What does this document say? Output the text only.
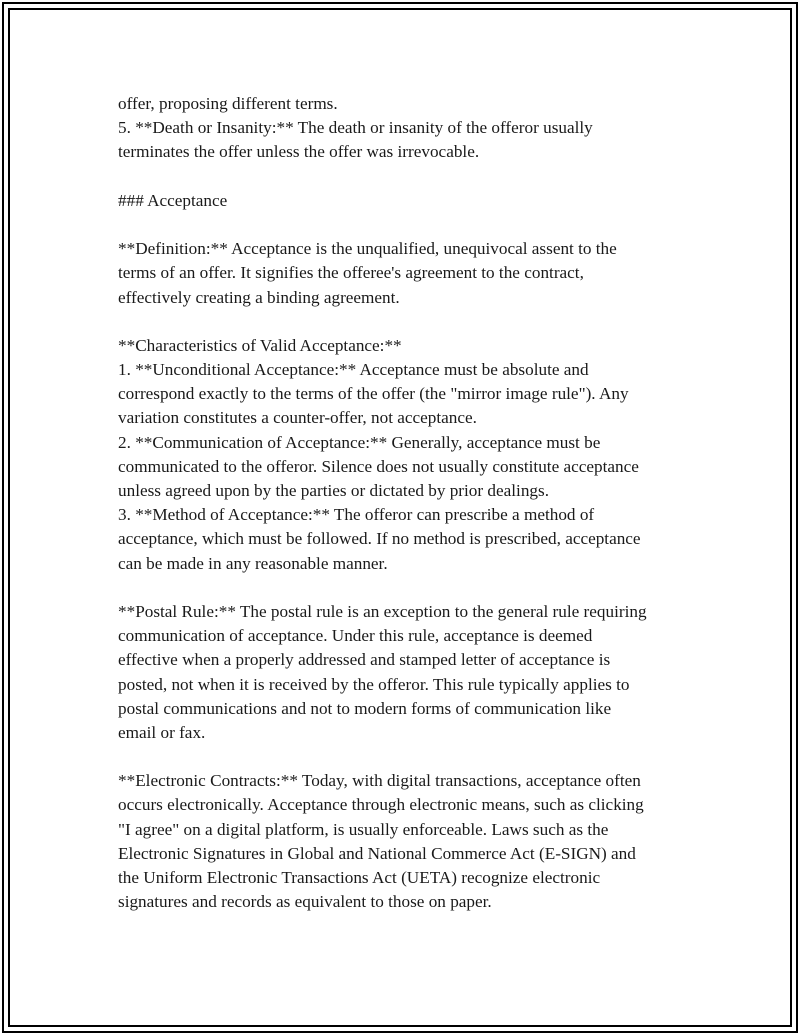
offer, proposing different terms.
5. **Death or Insanity:** The death or insanity of the offeror usually
terminates the offer unless the offer was irrevocable.
### Acceptance
**Definition:** Acceptance is the unqualified, unequivocal assent to the
terms of an offer. It signifies the offeree's agreement to the contract,
effectively creating a binding agreement.
**Characteristics of Valid Acceptance:**
1. **Unconditional Acceptance:** Acceptance must be absolute and
correspond exactly to the terms of the offer (the "mirror image rule"). Any
variation constitutes a counter-offer, not acceptance.
2. **Communication of Acceptance:** Generally, acceptance must be
communicated to the offeror. Silence does not usually constitute acceptance
unless agreed upon by the parties or dictated by prior dealings.
3. **Method of Acceptance:** The offeror can prescribe a method of
acceptance, which must be followed. If no method is prescribed, acceptance
can be made in any reasonable manner.
**Postal Rule:** The postal rule is an exception to the general rule requiring
communication of acceptance. Under this rule, acceptance is deemed
effective when a properly addressed and stamped letter of acceptance is
posted, not when it is received by the offeror. This rule typically applies to
postal communications and not to modern forms of communication like
email or fax.
**Electronic Contracts:** Today, with digital transactions, acceptance often
occurs electronically. Acceptance through electronic means, such as clicking
"I agree" on a digital platform, is usually enforceable. Laws such as the
Electronic Signatures in Global and National Commerce Act (E-SIGN) and
the Uniform Electronic Transactions Act (UETA) recognize electronic
signatures and records as equivalent to those on paper.
